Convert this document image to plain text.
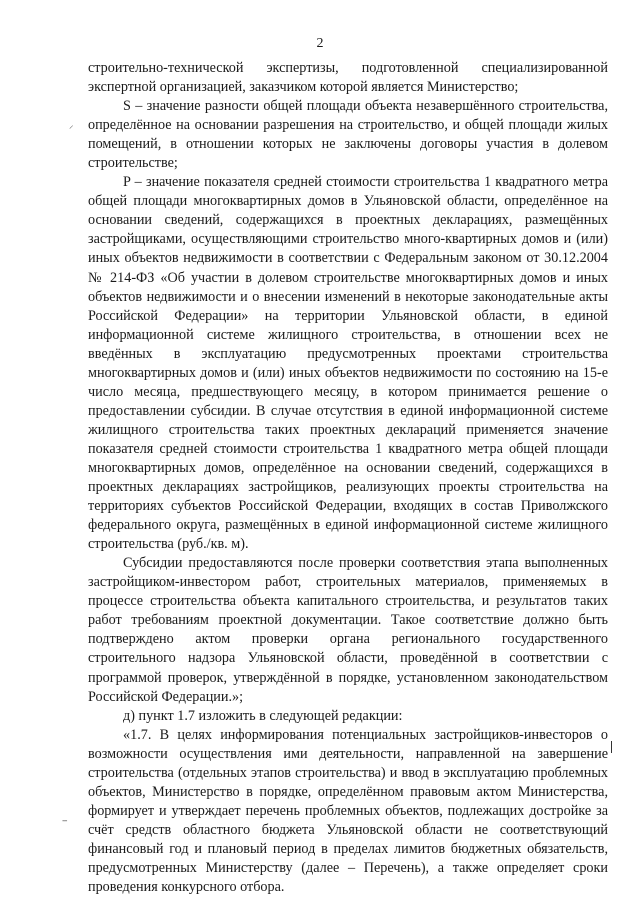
2

строительно-технической экспертизы, подготовленной специализированной экспертной организацией, заказчиком которой является Министерство;

S – значение разности общей площади объекта незавершённого строительства, определённое на основании разрешения на строительство, и общей площади жилых помещений, в отношении которых не заключены договоры участия в долевом строительстве;

P – значение показателя средней стоимости строительства 1 квадратного метра общей площади многоквартирных домов в Ульяновской области, определённое на основании сведений, содержащихся в проектных декларациях, размещённых застройщиками, осуществляющими строительство много-квартирных домов и (или) иных объектов недвижимости в соответствии с Федеральным законом от 30.12.2004 № 214-ФЗ «Об участии в долевом строительстве многоквартирных домов и иных объектов недвижимости и о внесении изменений в некоторые законодательные акты Российской Федерации» на территории Ульяновской области, в единой информационной системе жилищного строительства, в отношении всех не введённых в эксплуатацию предусмотренных проектами строительства многоквартирных домов и (или) иных объектов недвижимости по состоянию на 15-е число месяца, предшествующего месяцу, в котором принимается решение о предоставлении субсидии. В случае отсутствия в единой информационной системе жилищного строительства таких проектных деклараций применяется значение показателя средней стоимости строительства 1 квадратного метра общей площади многоквартирных домов, определённое на основании сведений, содержащихся в проектных декларациях застройщиков, реализующих проекты строительства на территориях субъектов Российской Федерации, входящих в состав Приволжского федерального округа, размещённых в единой информационной системе жилищного строительства (руб./кв. м).

Субсидии предоставляются после проверки соответствия этапа выполненных застройщиком-инвестором работ, строительных материалов, применяемых в процессе строительства объекта капитального строительства, и результатов таких работ требованиям проектной документации. Такое соответствие должно быть подтверждено актом проверки органа регионального государственного строительного надзора Ульяновской области, проведённой в соответствии с программой проверок, утверждённой в порядке, установленном законодательством Российской Федерации.»;

д) пункт 1.7 изложить в следующей редакции:

«1.7. В целях информирования потенциальных застройщиков-инвесторов о возможности осуществления ими деятельности, направленной на завершение строительства (отдельных этапов строительства) и ввод в эксплуатацию проблемных объектов, Министерство в порядке, определённом правовым актом Министерства, формирует и утверждает перечень проблемных объектов, подлежащих достройке за счёт средств областного бюджета Ульяновской области не соответствующий финансовый год и плановый период в пределах лимитов бюджетных обязательств, предусмотренных Министерству (далее – Перечень), а также определяет сроки проведения конкурсного отбора.

⸝
‑‑
